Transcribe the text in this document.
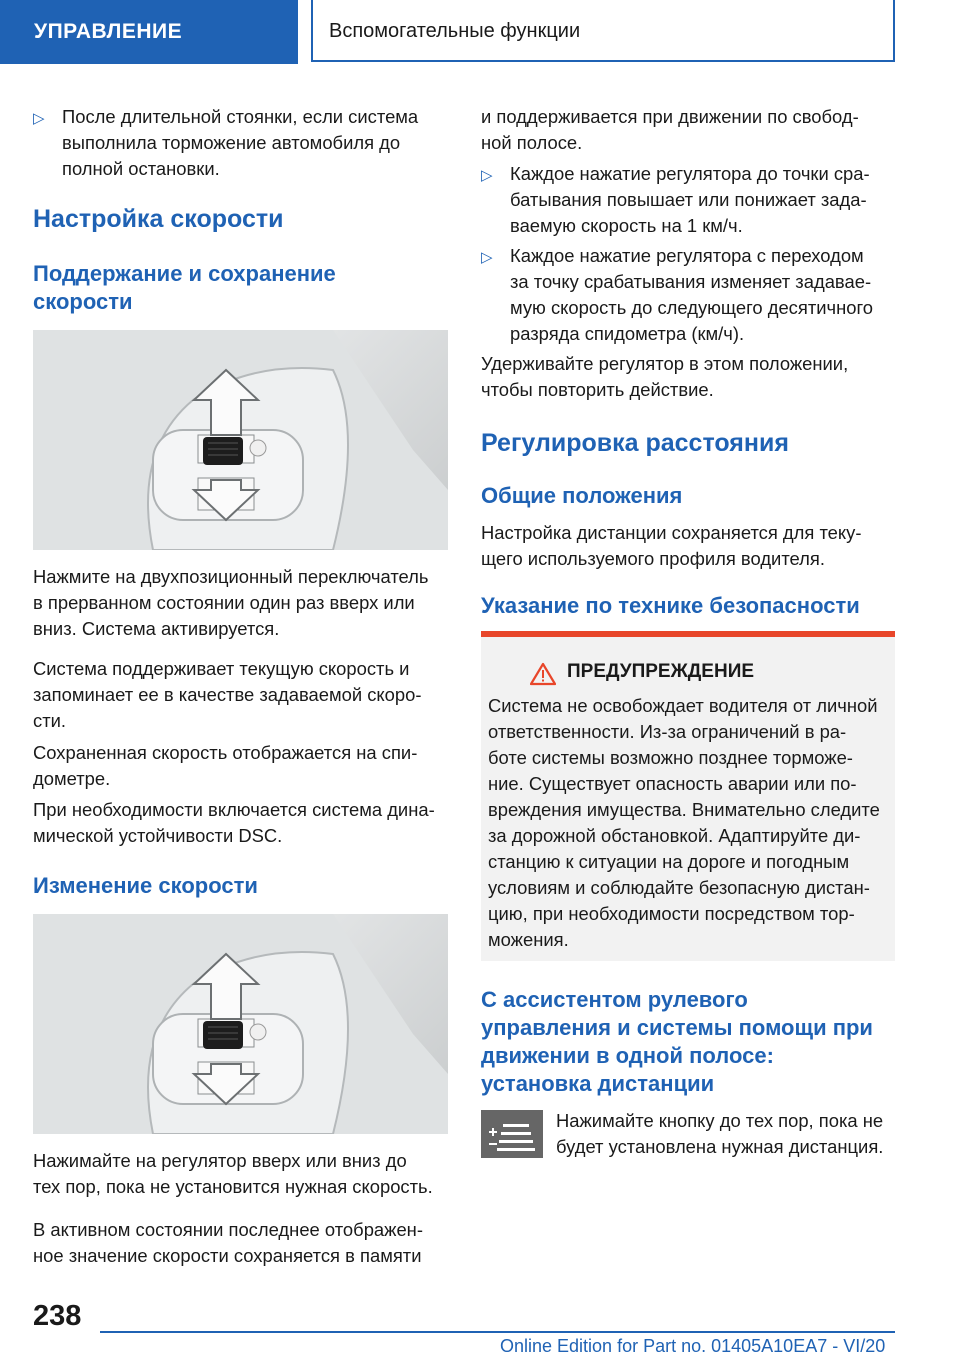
УПРАВЛЕНИЕ	Вспомогательные функции
▷ После длительной стоянки, если система
выполнила торможение автомобиля до
полной остановки.
Настройка скорости
Поддержание и сохранение
скорости

Нажмите на двухпозиционный переключатель

в прерванном состоянии один раз вверх или

вниз. Система активируется.

Система поддерживает текущую скорость и

запоминает ее в качестве задаваемой скоро-

сти.

Сохраненная скорость отображается на спи-

дометре.

При необходимости включается система дина-

мической устойчивости DSC.

Изменение скорости

Нажимайте на регулятор вверх или вниз до

тех пор, пока не установится нужная скорость.

В активном состоянии последнее отображен-

ное значение скорости сохраняется в памяти

и поддерживается при движении по свобод-

ной полосе.

▷ Каждое нажатие регулятора до точки сра-
батывания повышает или понижает зада-
ваемую скорость на 1 км/ч.
▷ Каждое нажатие регулятора с переходом
за точку срабатывания изменяет задавае-
мую скорость до следующего десятичного
разряда спидометра (км/ч).

Удерживайте регулятор в этом положении,

чтобы повторить действие.

Регулировка расстояния
Общие положения

Настройка дистанции сохраняется для теку-

щего используемого профиля водителя.

Указание по технике безопасности
ПРЕДУПРЕЖДЕНИЕ

Система не освобождает водителя от личной

ответственности. Из-за ограничений в ра-

боте системы возможно позднее торможе-

ние. Существует опасность аварии или по-

вреждения имущества. Внимательно следите

за дорожной обстановкой. Адаптируйте ди-

станцию к ситуации на дороге и погодным

условиям и соблюдайте безопасную дистан-

цию, при необходимости посредством тор-

можения.

С ассистентом рулевого
управления и системы помощи при
движении в одной полосе:
установка дистанции

Нажимайте кнопку до тех пор, пока не

будет установлена нужная дистанция.

238
Online Edition for Part no. 01405A10EA7 - VI/20
